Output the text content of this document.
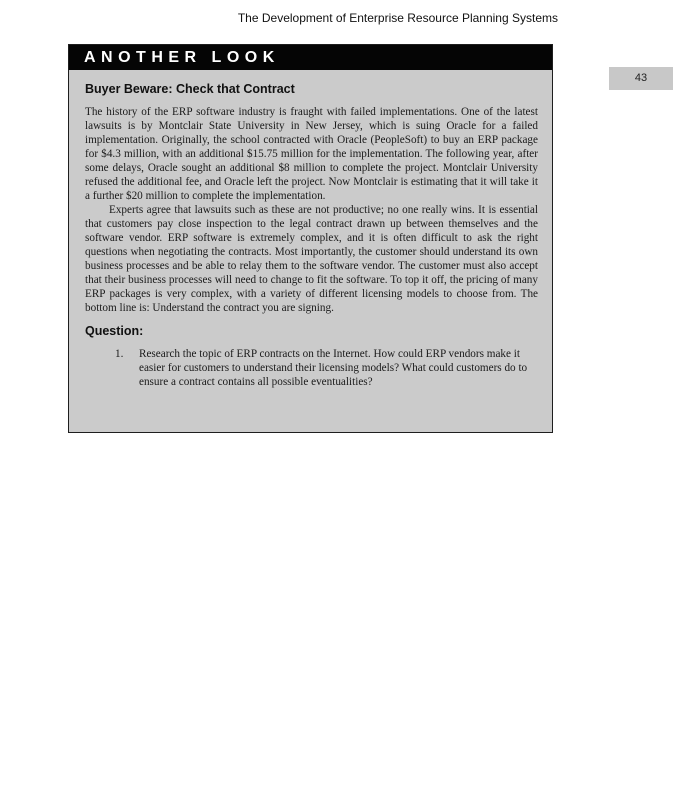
The Development of Enterprise Resource Planning Systems
43
ANOTHER LOOK
Buyer Beware: Check that Contract

The history of the ERP software industry is fraught with failed implementations. One of the latest lawsuits is by Montclair State University in New Jersey, which is suing Oracle for a failed implementation. Originally, the school contracted with Oracle (PeopleSoft) to buy an ERP package for $4.3 million, with an additional $15.75 million for the implementation. The following year, after some delays, Oracle sought an additional $8 million to complete the project. Montclair University refused the additional fee, and Oracle left the project. Now Montclair is estimating that it will take it a further $20 million to complete the implementation.

Experts agree that lawsuits such as these are not productive; no one really wins. It is essential that customers pay close inspection to the legal contract drawn up between themselves and the software vendor. ERP software is extremely complex, and it is often difficult to ask the right questions when negotiating the contracts. Most importantly, the customer should understand its own business processes and be able to relay them to the software vendor. The customer must also accept that their business processes will need to change to fit the software. To top it off, the pricing of many ERP packages is very complex, with a variety of different licensing models to choose from. The bottom line is: Understand the contract you are signing.

Question:
1.	Research the topic of ERP contracts on the Internet. How could ERP vendors make it easier for customers to understand their licensing models? What could customers do to ensure a contract contains all possible eventualities?
